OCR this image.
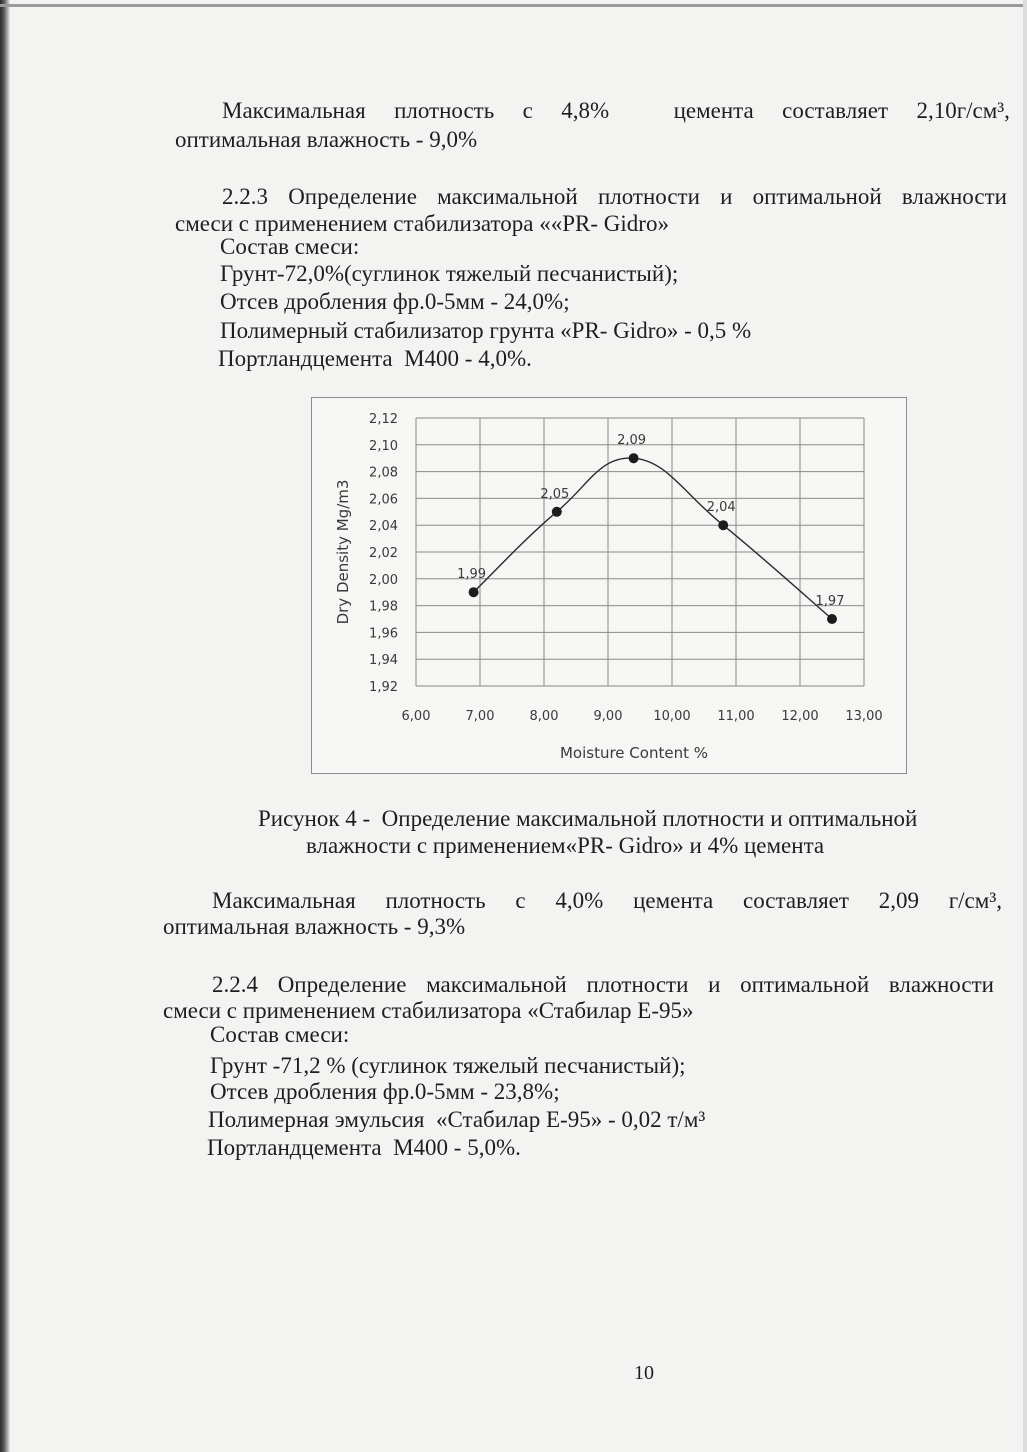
Максимальная плотность с 4,8%	цемента составляет 2,10г/см³,
оптимальная влажность - 9,0%
2.2.3 Определение максимальной плотности и оптимальной влажности
смеси с применением стабилизатора ««PR- Gidro»
Состав смеси:
Грунт-72,0%(суглинок тяжелый песчанистый);
Отсев дробления фр.0-5мм - 24,0%;
Полимерный стабилизатор грунта «PR- Gidro» - 0,5 %
Портландцемента  М400 - 4,0%.
2,12
2,10
2,08
2,06
2,04
2,02
2,00
1,98
1,96
1,94
1,92
6,00	7,00	8,00	9,00 10,00 11,00 12,00 13,00
Moisture Content %
Dry Density Mg/m3	1,99
2,05
2,09
2,04
1,97
Рисунок 4 -  Определение максимальной плотности и оптимальной
влажности с применением«PR- Gidro» и 4% цемента
Максимальная плотность с 4,0% цемента составляет 2,09 г/см³,
оптимальная влажность - 9,3%
2.2.4 Определение максимальной плотности и оптимальной влажности
смеси с применением стабилизатора «Стабилар Е-95»
Состав смеси:
Грунт -71,2 % (суглинок тяжелый песчанистый);
Отсев дробления фр.0-5мм - 23,8%;
Полимерная эмульсия  «Стабилар Е-95» - 0,02 т/м³
Портландцемента  М400 - 5,0%.
10
